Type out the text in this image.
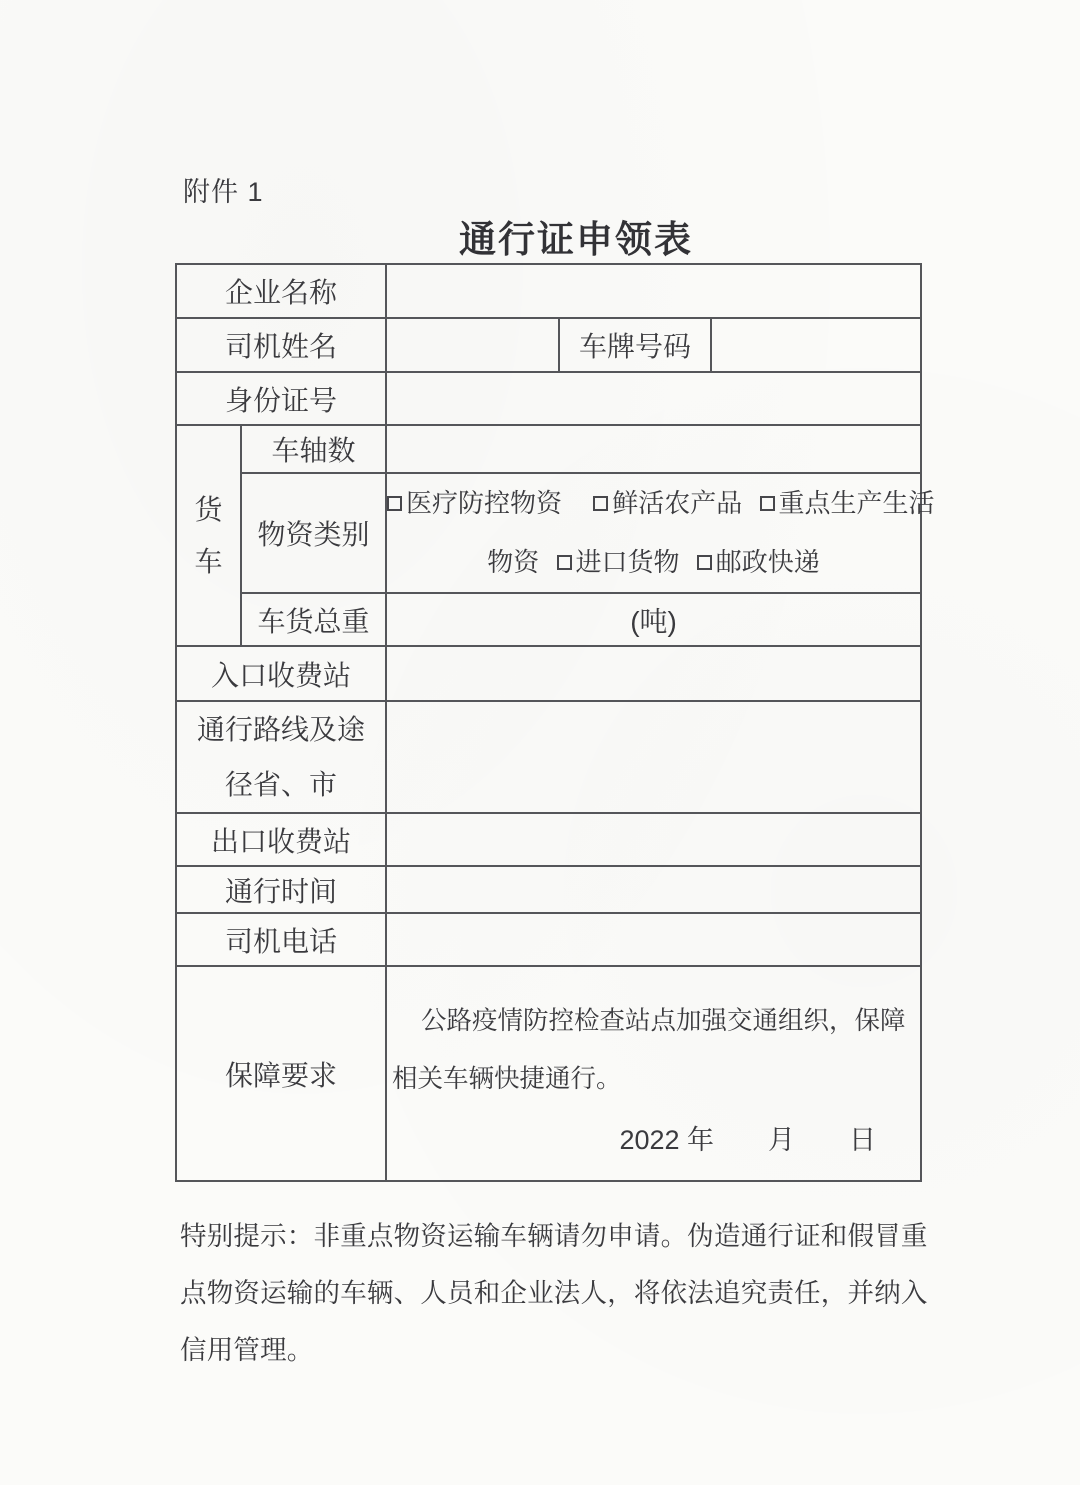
附件 1
通行证申领表
企业名称				
司机姓名			车牌号码	
身份证号				

货车	车轴数			
	物资类别	医疗防控物资 鲜活农产品 重点生产生活
物资 进口货物 邮政快递		

	车货总重	(吨)		
入口收费站				

通行路线及途
径省、市				

出口收费站				
通行时间				
司机电话				
保障要求		公路疫情防控检查站点加强交通组织，保障
相关车辆快捷通行。
2022 年　　月　　日		
特别提示：非重点物资运输车辆请勿申请。伪造通行证和假冒重
点物资运输的车辆、人员和企业法人，将依法追究责任，并纳入
信用管理。
